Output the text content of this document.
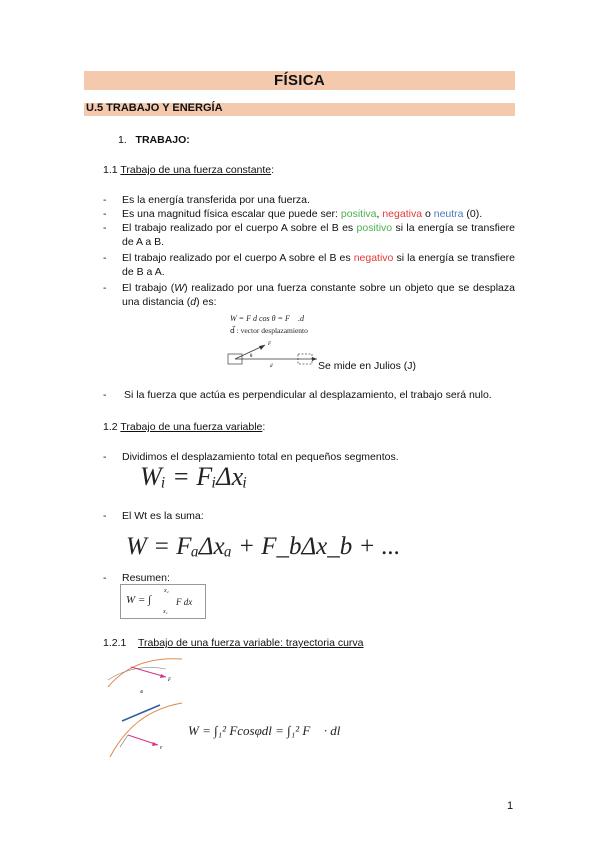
FÍSICA
U.5 TRABAJO Y ENERGÍA
1. TRABAJO:
1.1 Trabajo de una fuerza constante:
- Es la energía transferida por una fuerza.
- Es una magnitud física escalar que puede ser: positiva, negativa o neutra (0).
- El trabajo realizado por el cuerpo A sobre el B es positivo si la energía se transfiere de A a B.
- El trabajo realizado por el cuerpo A sobre el B es negativo si la energía se transfiere de B a A.
- El trabajo (W) realizado por una fuerza constante sobre un objeto que se desplaza una distancia (d) es:
W = F d cos θ = F⃗ .d⃗
d⃗ : vector desplazamiento
F
θ
d	Se mide en Julios (J)
- Si la fuerza que actúa es perpendicular al desplazamiento, el trabajo será nulo.
1.2 Trabajo de una fuerza variable:
- Dividimos el desplazamiento total en pequeños segmentos.
Wᵢ = FᵢΔxᵢ
- El Wt es la suma:
W = FₐΔxₐ + F_bΔx_b + ...
- Resumen:
W = ∫
x₂
x₁
F dx
1.2.1 Trabajo de una fuerza variable: trayectoria curva
F
dl
F
W = ∫₁² Fcosφdl = ∫₁² F⃗ · dl⃗
1
